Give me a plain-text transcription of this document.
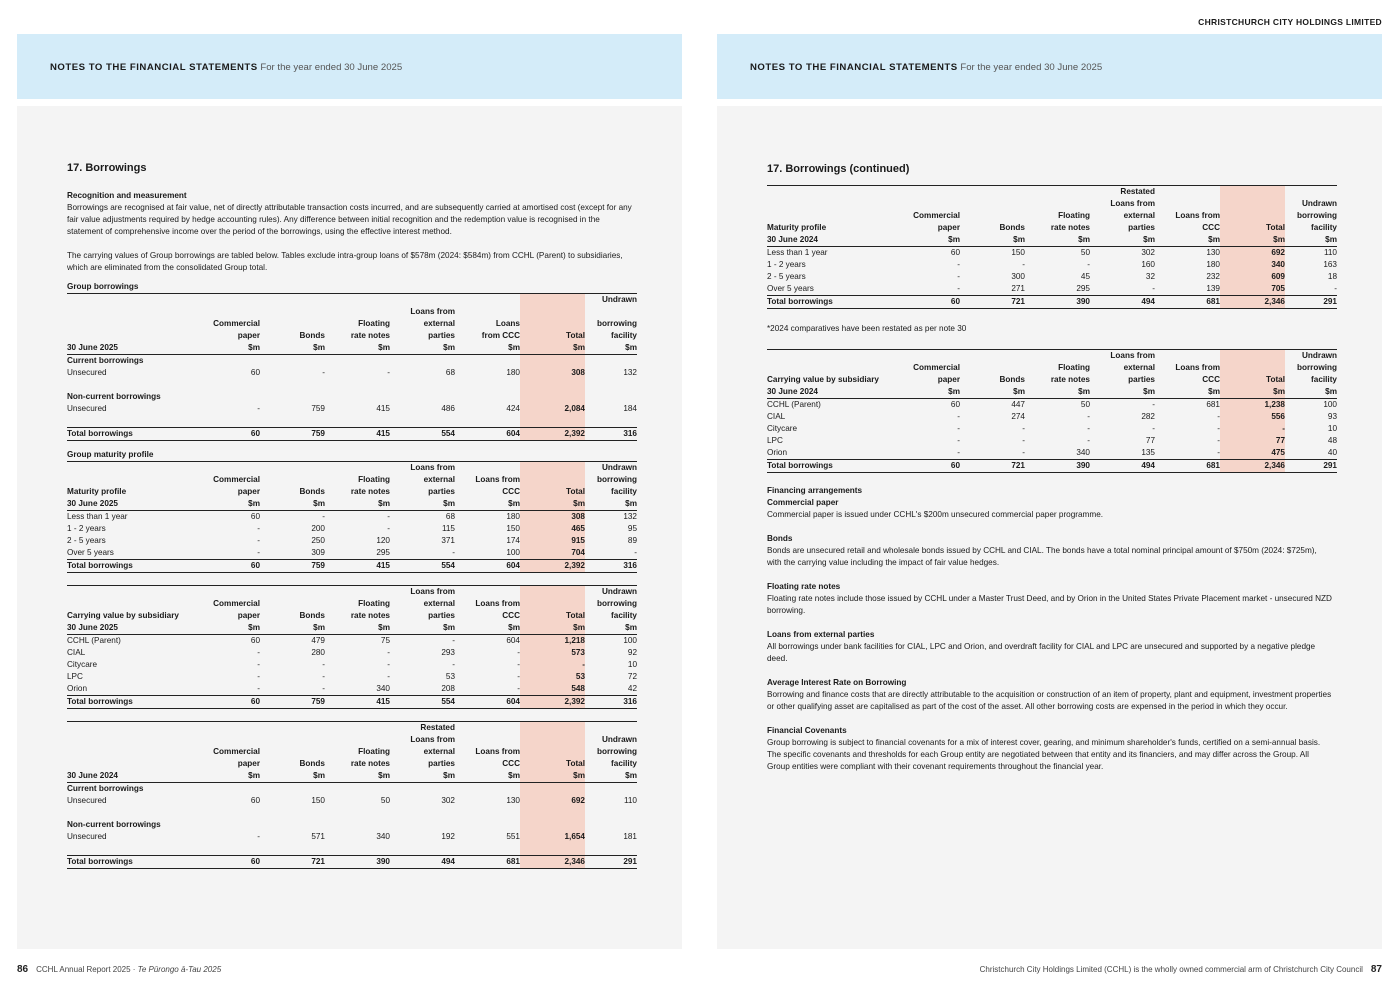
CHRISTCHURCH CITY HOLDINGS LIMITED
NOTES TO THE FINANCIAL STATEMENTS For the year ended 30 June 2025
17. Borrowings
Recognition and measurement

Borrowings are recognised at fair value, net of directly attributable transaction costs incurred, and are subsequently carried at amortised cost (except for any fair value adjustments required by hedge accounting rules). Any difference between initial recognition and the redemption value is recognised in the statement of comprehensive income over the period of the borrowings, using the effective interest method.

The carrying values of Group borrowings are tabled below. Tables exclude intra-group loans of $578m (2024: $584m) from CCHL (Parent) to subsidiaries, which are eliminated from the consolidated Group total.

Group borrowings
							Undrawn
				Loans from			
	Commercial		Floating	external	Loans		borrowing
	paper	Bonds	rate notes	parties	from CCC	Total	facility
30 June 2025	$m	$m	$m	$m	$m	$m	$m
Current borrowings							
Unsecured	60	-	-	68	180	308	132

Non-current borrowings							
Unsecured	-	759	415	486	424	2,084	184

Total borrowings	60	759	415	554	604	2,392	316
Group maturity profile
				Loans from			Undrawn
	Commercial		Floating	external	Loans from		borrowing
Maturity profile	paper	Bonds	rate notes	parties	CCC	Total	facility
30 June 2025	$m	$m	$m	$m	$m	$m	$m
Less than 1 year	60	-	-	68	180	308	132
1 - 2 years	-	200	-	115	150	465	95
2 - 5 years	-	250	120	371	174	915	89
Over 5 years	-	309	295	-	100	704	-
Total borrowings	60	759	415	554	604	2,392	316
				Loans from			Undrawn
	Commercial		Floating	external	Loans from		borrowing
Carrying value by subsidiary	paper	Bonds	rate notes	parties	CCC	Total	facility
30 June 2025	$m	$m	$m	$m	$m	$m	$m
CCHL (Parent)	60	479	75	-	604	1,218	100
CIAL	-	280	-	293	-	573	92
Citycare	-	-	-	-	-	-	10
LPC	-	-	-	53	-	53	72
Orion	-	-	340	208	-	548	42
Total borrowings	60	759	415	554	604	2,392	316
				Restated			
				Loans from			Undrawn
	Commercial		Floating	external	Loans from		borrowing
	paper	Bonds	rate notes	parties	CCC	Total	facility
30 June 2024	$m	$m	$m	$m	$m	$m	$m
Current borrowings							
Unsecured	60	150	50	302	130	692	110

Non-current borrowings							
Unsecured	-	571	340	192	551	1,654	181

Total borrowings	60	721	390	494	681	2,346	291
NOTES TO THE FINANCIAL STATEMENTS For the year ended 30 June 2025
17. Borrowings (continued)
				Restated			
				Loans from			Undrawn
	Commercial		Floating	external	Loans from		borrowing
Maturity profile	paper	Bonds	rate notes	parties	CCC	Total	facility
30 June 2024	$m	$m	$m	$m	$m	$m	$m
Less than 1 year	60	150	50	302	130	692	110
1 - 2 years	-	-	-	160	180	340	163
2 - 5 years	-	300	45	32	232	609	18
Over 5 years	-	271	295	-	139	705	-
Total borrowings	60	721	390	494	681	2,346	291
*2024 comparatives have been restated as per note 30
				Loans from			Undrawn
	Commercial		Floating	external	Loans from		borrowing
Carrying value by subsidiary	paper	Bonds	rate notes	parties	CCC	Total	facility
30 June 2024	$m	$m	$m	$m	$m	$m	$m
CCHL (Parent)	60	447	50	-	681	1,238	100
CIAL	-	274	-	282	-	556	93
Citycare	-	-	-	-	-	-	10
LPC	-	-	-	77	-	77	48
Orion	-	-	340	135	-	475	40
Total borrowings	60	721	390	494	681	2,346	291
Financing arrangements
Commercial paper

Commercial paper is issued under CCHL's $200m unsecured commercial paper programme.

Bonds

Bonds are unsecured retail and wholesale bonds issued by CCHL and CIAL. The bonds have a total nominal principal amount of $750m (2024: $725m), with the carrying value including the impact of fair value hedges.

Floating rate notes

Floating rate notes include those issued by CCHL under a Master Trust Deed, and by Orion in the United States Private Placement market - unsecured NZD borrowing.

Loans from external parties

All borrowings under bank facilities for CIAL, LPC and Orion, and overdraft facility for CIAL and LPC are unsecured and supported by a negative pledge deed.

Average Interest Rate on Borrowing

Borrowing and finance costs that are directly attributable to the acquisition or construction of an item of property, plant and equipment, investment properties or other qualifying asset are capitalised as part of the cost of the asset. All other borrowing costs are expensed in the period in which they occur.

Financial Covenants

Group borrowing is subject to financial covenants for a mix of interest cover, gearing, and minimum shareholder's funds, certified on a semi-annual basis. The specific covenants and thresholds for each Group entity are negotiated between that entity and its financiers, and may differ across the Group. All Group entities were compliant with their covenant requirements throughout the financial year.

86 CCHL Annual Report 2025 · Te Pūrongo ā-Tau 2025	Christchurch City Holdings Limited (CCHL) is the wholly owned commercial arm of Christchurch City Council 87
